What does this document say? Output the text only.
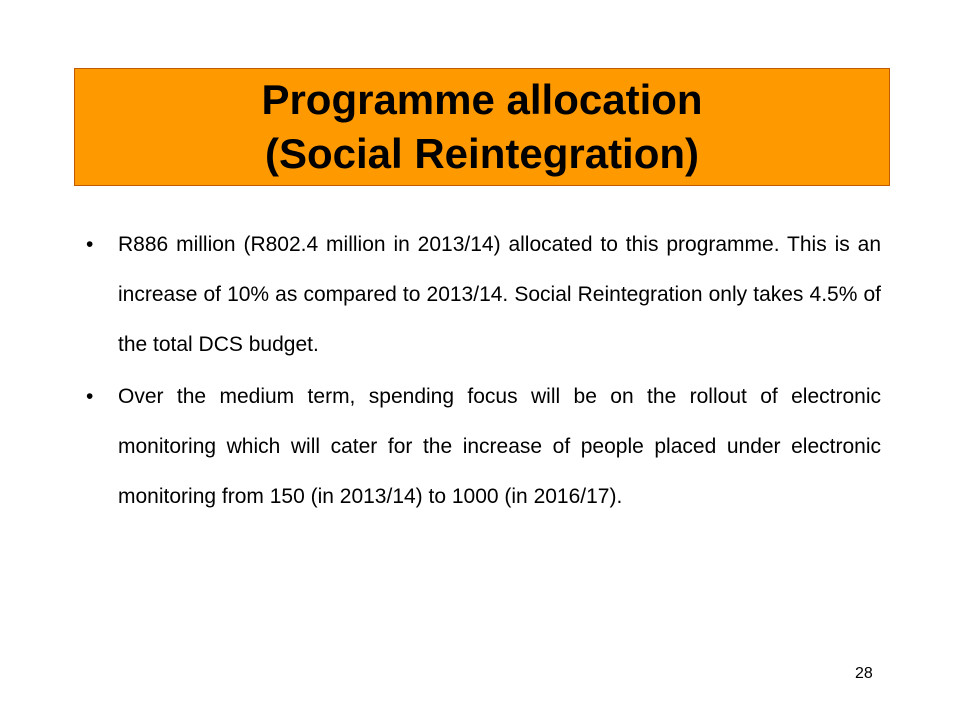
Programme allocation
(Social Reintegration)
•	R886 million (R802.4 million in 2013/14) allocated to this programme. This is an increase of 10% as compared to 2013/14. Social Reintegration only takes 4.5% of the total DCS budget.
•	Over the medium term, spending focus will be on the rollout of electronic monitoring which will cater for the increase of people placed under electronic monitoring from 150 (in 2013/14) to 1000 (in 2016/17).
28
